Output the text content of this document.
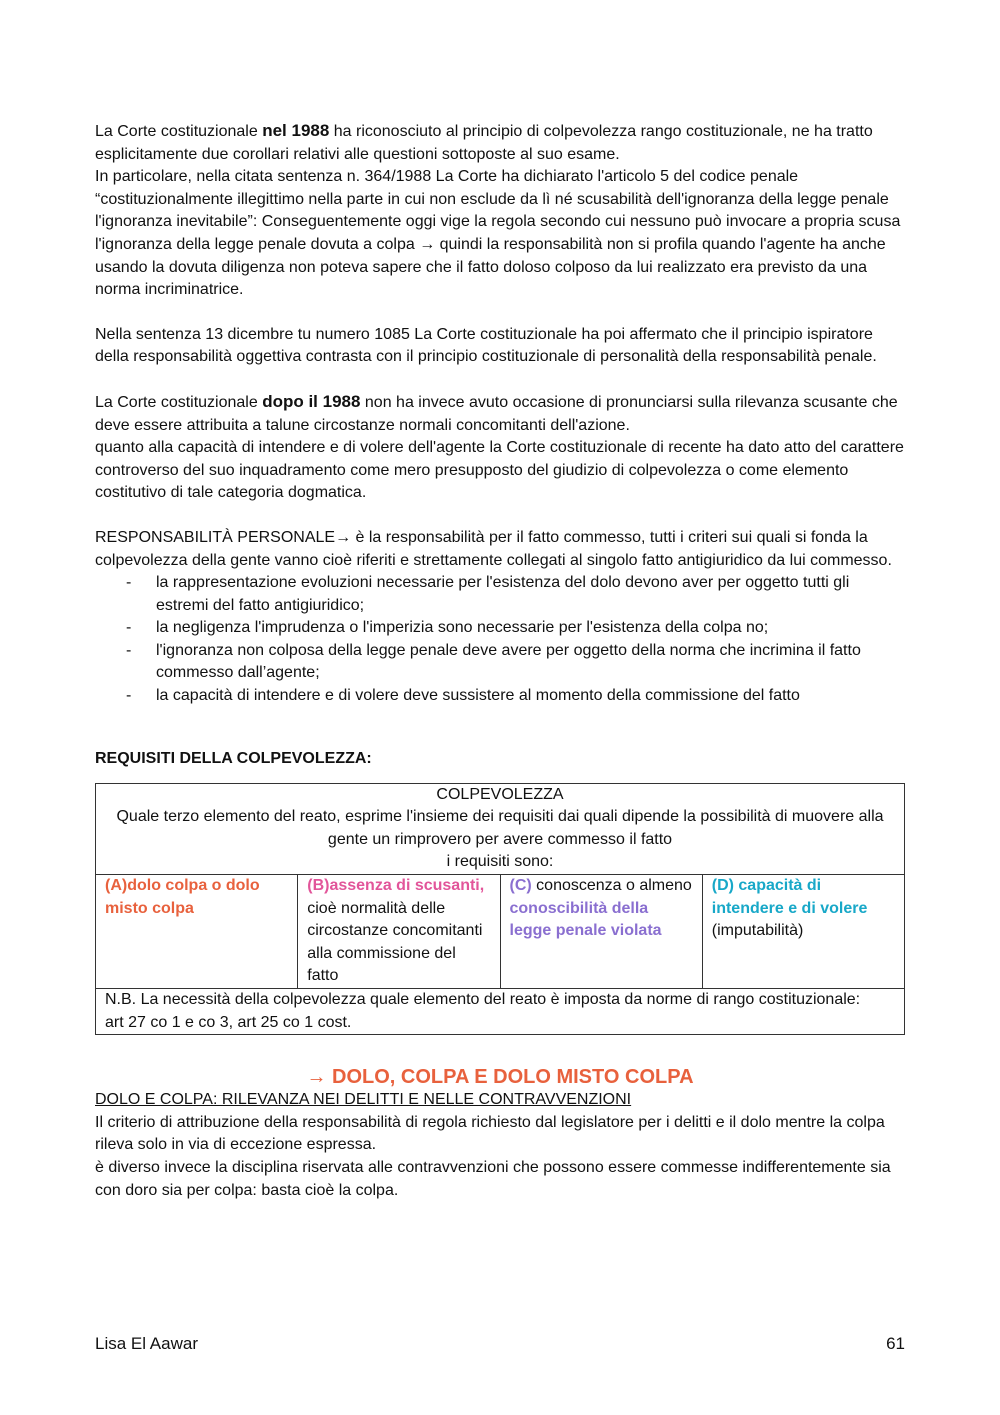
La Corte costituzionale nel 1988 ha riconosciuto al principio di colpevolezza rango costituzionale, ne ha tratto esplicitamente due corollari relativi alle questioni sottoposte al suo esame.

In particolare, nella citata sentenza n. 364/1988 La Corte ha dichiarato l'articolo 5 del codice penale “costituzionalmente illegittimo nella parte in cui non esclude da lì né scusabilità dell'ignoranza della legge penale l'ignoranza inevitabile”: Conseguentemente oggi vige la regola secondo cui nessuno può invocare a propria scusa l'ignoranza della legge penale dovuta a colpa → quindi la responsabilità non si profila quando l'agente ha anche usando la dovuta diligenza non poteva sapere che il fatto doloso colposo da lui realizzato era previsto da una norma incriminatrice.

Nella sentenza 13 dicembre tu numero 1085 La Corte costituzionale ha poi affermato che il principio ispiratore della responsabilità oggettiva contrasta con il principio costituzionale di personalità della responsabilità penale.

La Corte costituzionale dopo il 1988 non ha invece avuto occasione di pronunciarsi sulla rilevanza scusante che deve essere attribuita a talune circostanze normali concomitanti dell'azione.

quanto alla capacità di intendere e di volere dell'agente la Corte costituzionale di recente ha dato atto del carattere controverso del suo inquadramento come mero presupposto del giudizio di colpevolezza o come elemento costitutivo di tale categoria dogmatica.

RESPONSABILITÀ PERSONALE→ è la responsabilità per il fatto commesso, tutti i criteri sui quali si fonda la colpevolezza della gente vanno cioè riferiti e strettamente collegati al singolo fatto antigiuridico da lui commesso.

- la rappresentazione evoluzioni necessarie per l'esistenza del dolo devono aver per oggetto tutti gli estremi del fatto antigiuridico;
- la negligenza l'imprudenza o l'imperizia sono necessarie per l'esistenza della colpa no;
- l'ignoranza non colposa della legge penale deve avere per oggetto della norma che incrimina il fatto commesso dall’agente;
- la capacità di intendere e di volere deve sussistere al momento della commissione del fatto
REQUISITI DELLA COLPEVOLEZZA:
COLPEVOLEZZA
Quale terzo elemento del reato, esprime l'insieme dei requisiti dai quali dipende la possibilità di muovere alla gente un rimprovero per avere commesso il fatto
i requisiti sono:

(A)dolo colpa o dolo misto colpa	(B)assenza di scusanti, cioè normalità delle circostanze concomitanti alla commissione del fatto	(C) conoscenza o almeno conoscibilità della legge penale violata	(D) capacità di intendere e di volere (imputabilità)

N.B. La necessità della colpevolezza quale elemento del reato è imposta da norme di rango costituzionale:
art 27 co 1 e co 3, art 25 co 1 cost.
→ DOLO, COLPA E DOLO MISTO COLPA
DOLO E COLPA: RILEVANZA NEI DELITTI E NELLE CONTRAVVENZIONI

Il criterio di attribuzione della responsabilità di regola richiesto dal legislatore per i delitti e il dolo mentre la colpa rileva solo in via di eccezione espressa.

è diverso invece la disciplina riservata alle contravvenzioni che possono essere commesse indifferentemente sia con doro sia per colpa: basta cioè la colpa.

Lisa El Aawar	61
